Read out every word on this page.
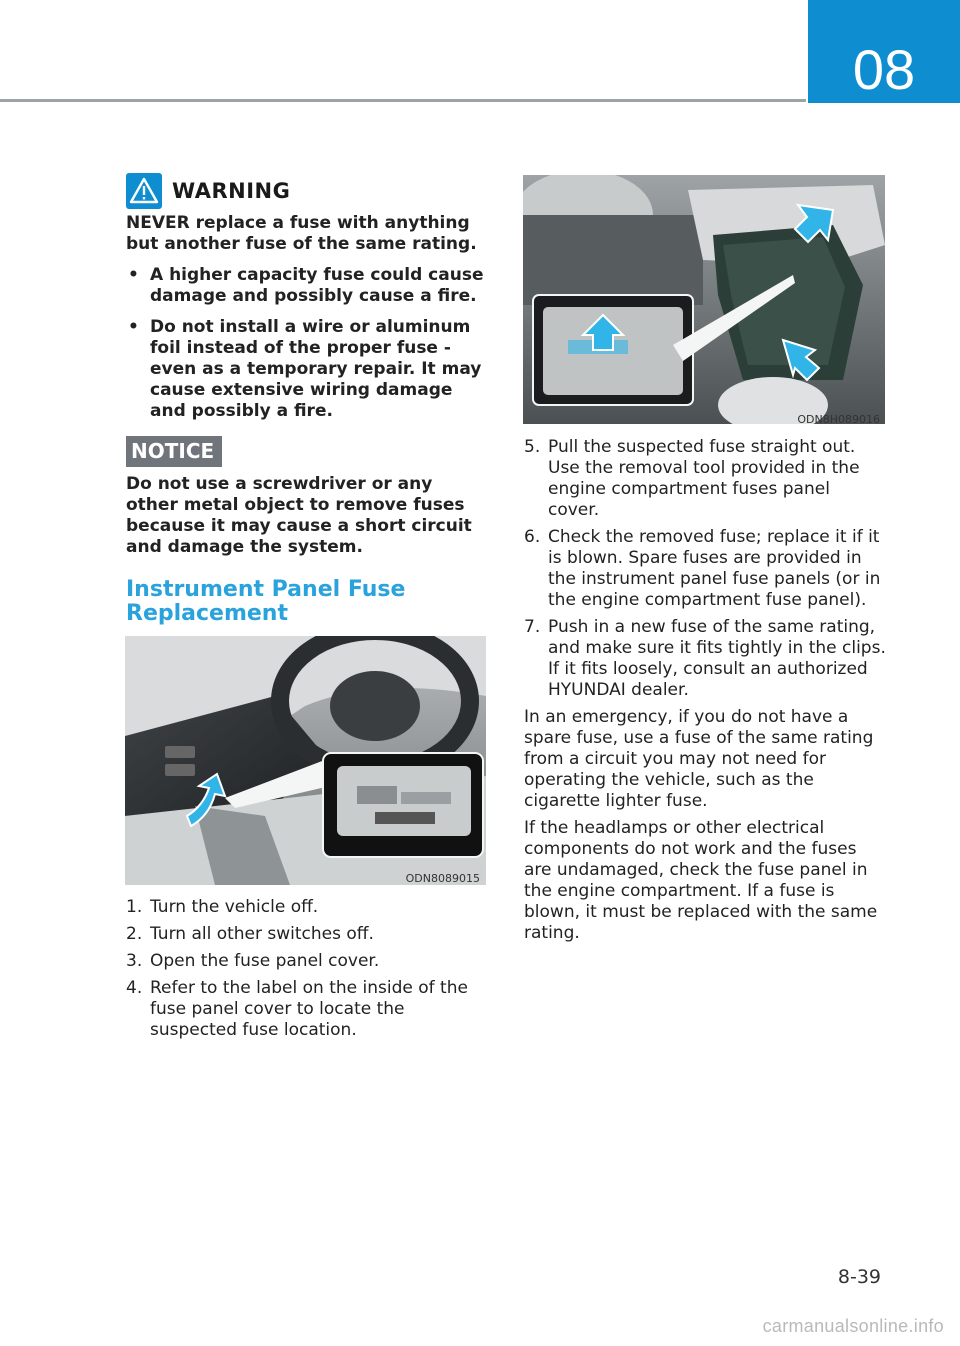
08
WARNING
NEVER replace a fuse with anything but another fuse of the same rating.
• A higher capacity fuse could cause damage and possibly cause a fire.
• Do not install a wire or aluminum foil instead of the proper fuse - even as a temporary repair. It may cause extensive wiring damage and possibly a fire.
NOTICE
Do not use a screwdriver or any other metal object to remove fuses because it may cause a short circuit and damage the system.
Instrument Panel Fuse Replacement
ODN8089015
1. Turn the vehicle off.
2. Turn all other switches off.
3. Open the fuse panel cover.
4. Refer to the label on the inside of the fuse panel cover to locate the suspected fuse location.
ODN8H089016
5. Pull the suspected fuse straight out. Use the removal tool provided in the engine compartment fuses panel cover.
6. Check the removed fuse; replace it if it is blown. Spare fuses are provided in the instrument panel fuse panels (or in the engine compartment fuse panel).
7. Push in a new fuse of the same rating, and make sure it fits tightly in the clips. If it fits loosely, consult an authorized HYUNDAI dealer.

In an emergency, if you do not have a spare fuse, use a fuse of the same rating from a circuit you may not need for operating the vehicle, such as the cigarette lighter fuse.

If the headlamps or other electrical components do not work and the fuses are undamaged, check the fuse panel in the engine compartment. If a fuse is blown, it must be replaced with the same rating.

8-39
carmanualsonline.info
